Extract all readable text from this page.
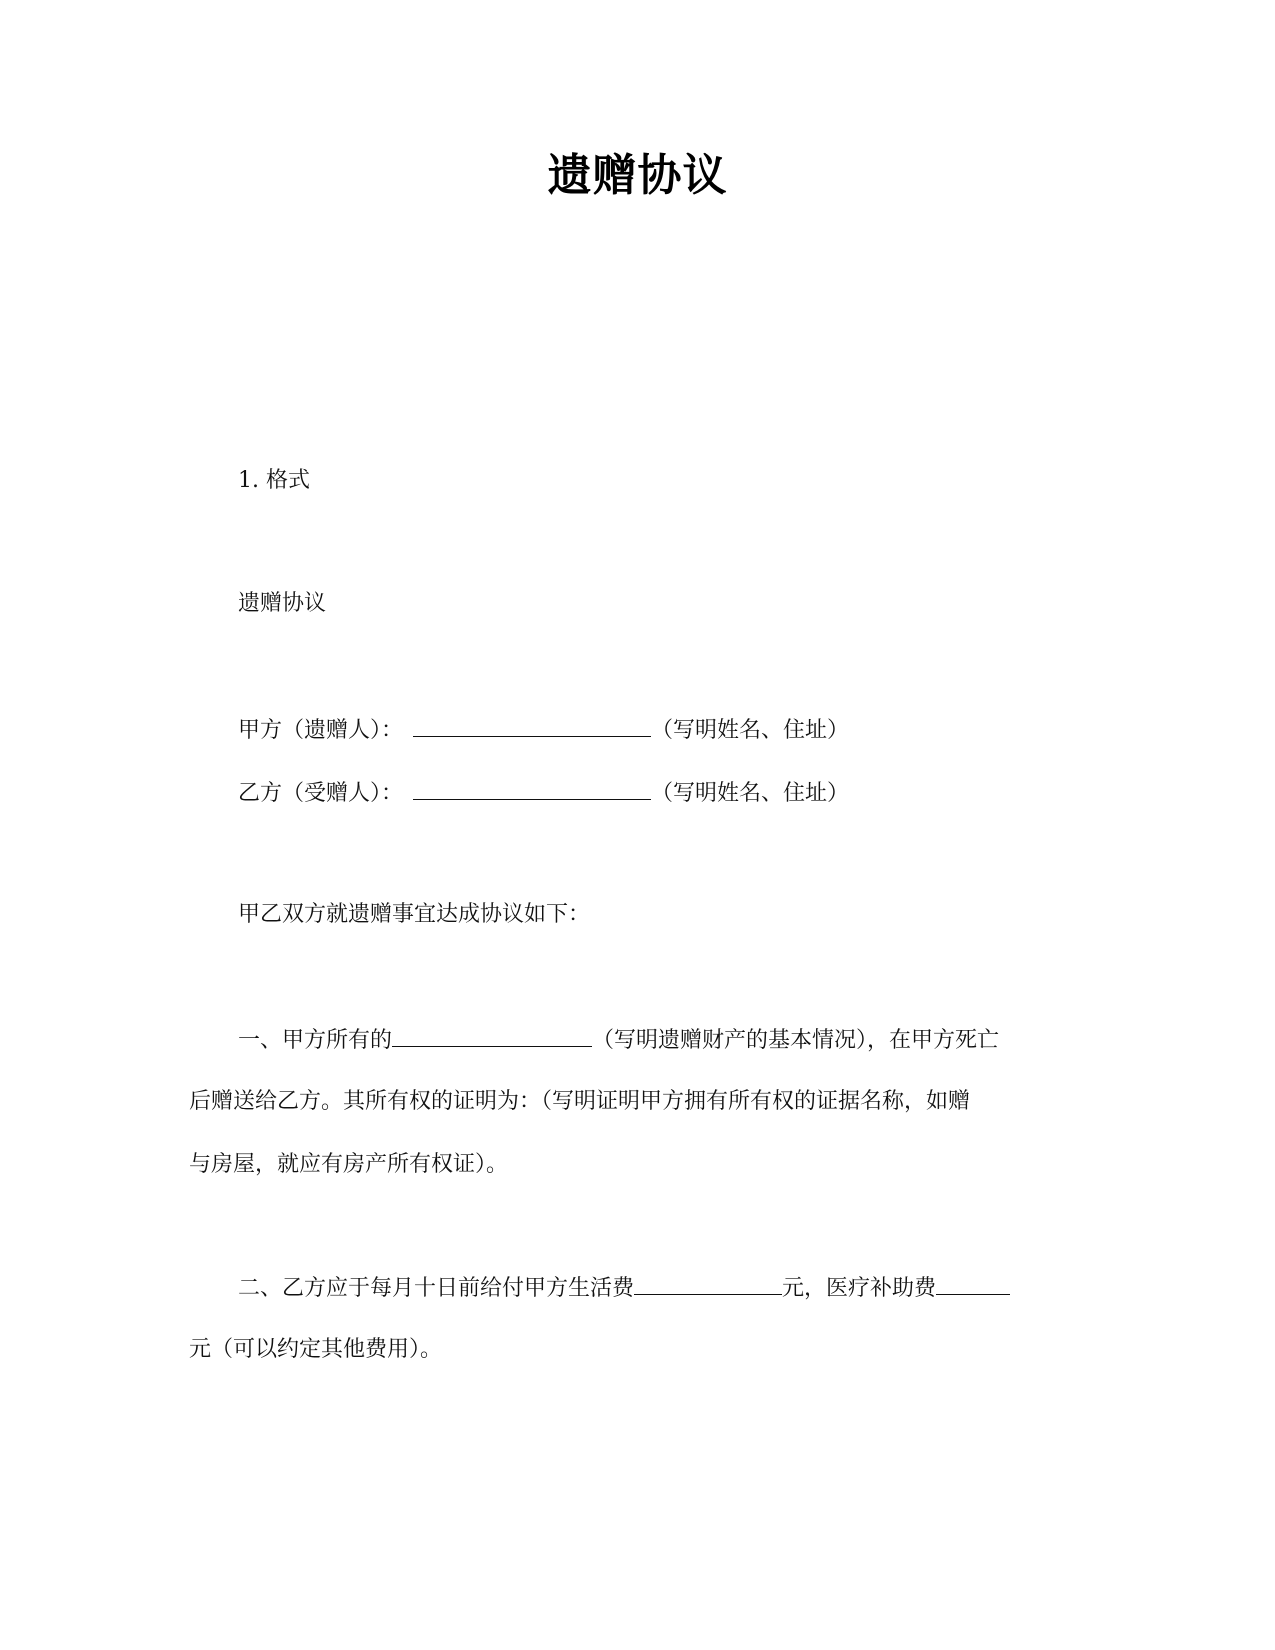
遗赠协议
1. 格式
遗赠协议
甲方（遗赠人）：	（写明姓名、住址）
乙方（受赠人）：	（写明姓名、住址）
甲乙双方就遗赠事宜达成协议如下：
一、甲方所有的	（写明遗赠财产的基本情况），在甲方死亡
后赠送给乙方。其所有权的证明为：（写明证明甲方拥有所有权的证据名称，如赠
与房屋，就应有房产所有权证）。
二、乙方应于每月十日前给付甲方生活费	元，医疗补助费
元（可以约定其他费用）。
